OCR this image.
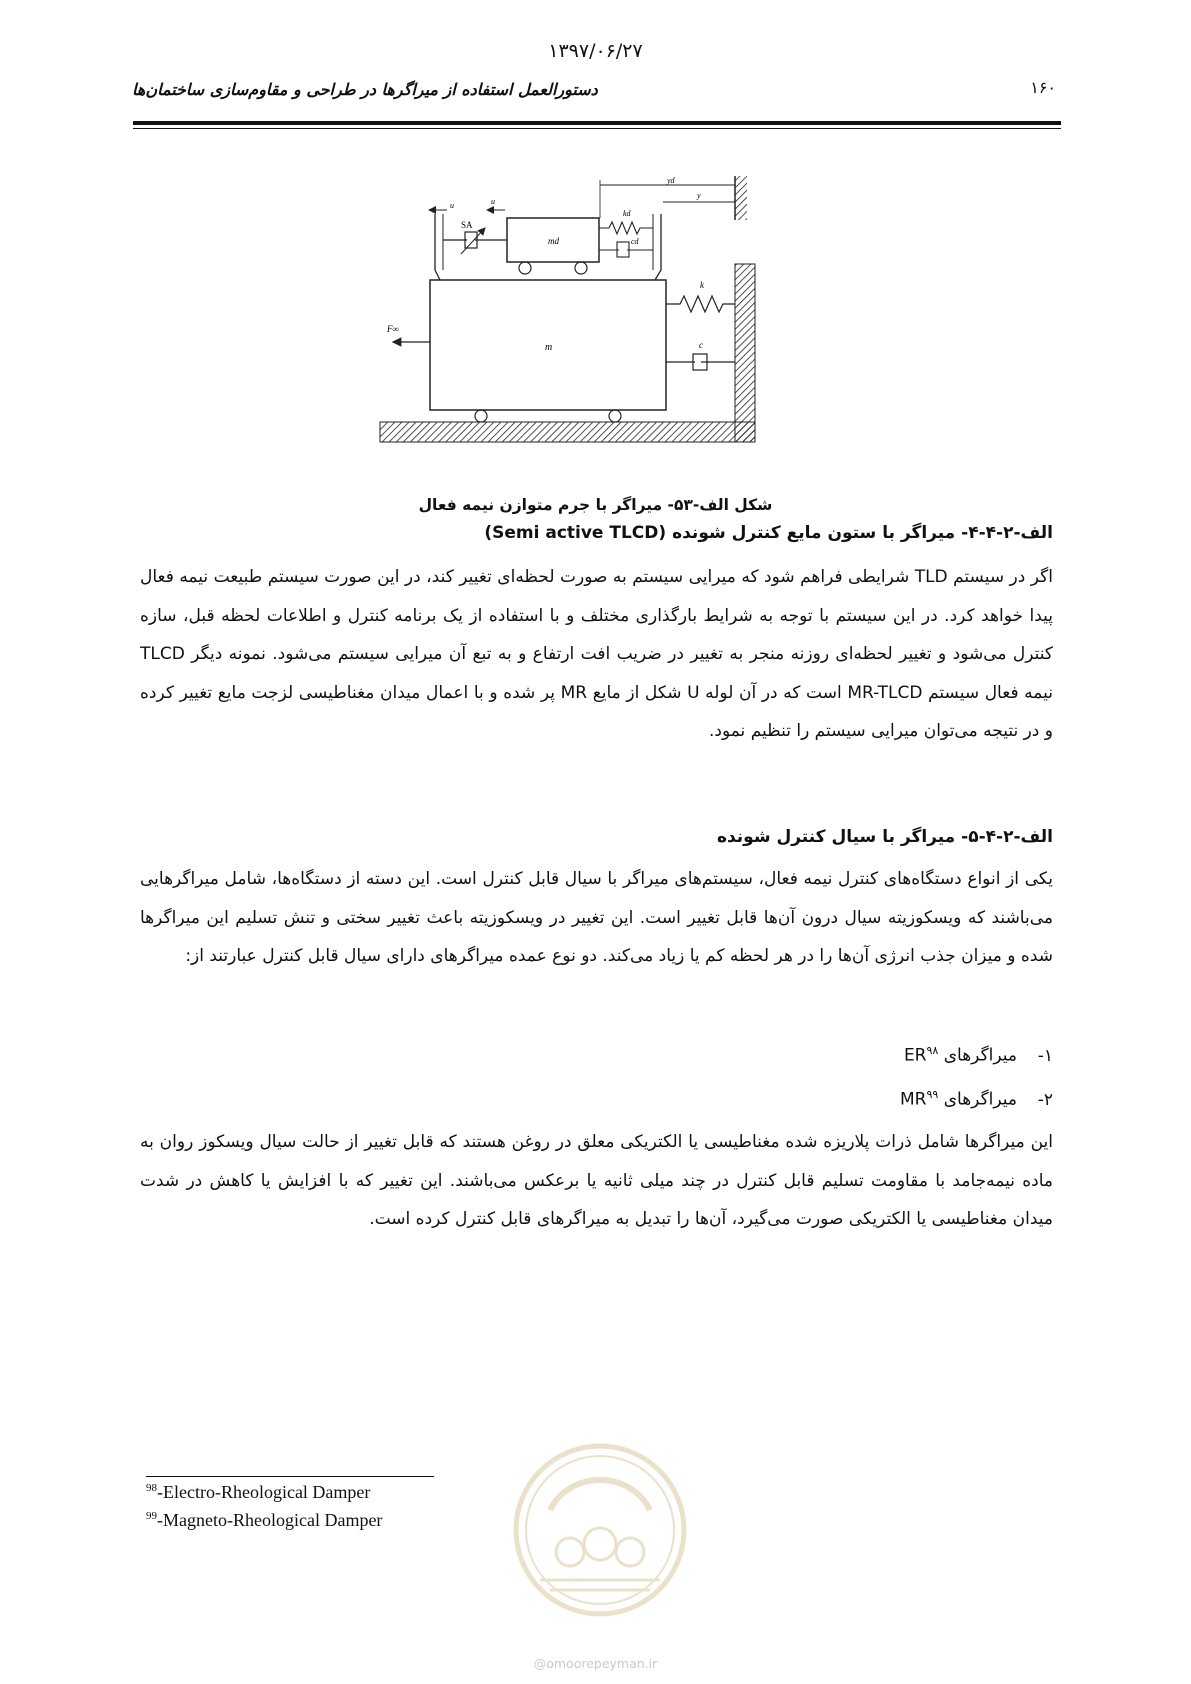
۱۳۹۷/۰۶/۲۷
دستورالعمل استفاده از میراگرها در طراحی و مقاوم‌سازی ساختمان‌ها	۱۶۰
m
F∞
k
c
md
SA
u	u
kd
cd
yd
y
شکل الف-۵۳- میراگر با جرم متوازن نیمه فعال
الف-۲-۴-۴- میراگر با ستون مایع کنترل شونده (Semi active TLCD)
اگر در سیستم TLD شرایطی فراهم شود که میرایی سیستم به صورت لحظه‌ای تغییر کند، در این صورت سیستم طبیعت نیمه فعال پیدا خواهد کرد. در این سیستم با توجه به شرایط بارگذاری مختلف و با استفاده از یک برنامه کنترل و اطلاعات لحظه قبل، سازه کنترل می‌شود و تغییر لحظه‌ای روزنه منجر به تغییر در ضریب افت ارتفاع و به تبع آن میرایی سیستم می‌شود. نمونه دیگر TLCD نیمه فعال سیستم MR-TLCD است که در آن لوله U شکل از مایع MR پر شده و با اعمال میدان مغناطیسی لزجت مایع تغییر کرده و در نتیجه می‌توان میرایی سیستم را تنظیم نمود.
الف-۲-۴-۵- میراگر با سیال کنترل شونده
یکی از انواع دستگاه‌های کنترل نیمه فعال، سیستم‌های میراگر با سیال قابل کنترل است. این دسته از دستگاه‌ها، شامل میراگرهایی می‌باشند که ویسکوزیته سیال درون آن‌ها قابل تغییر است. این تغییر در ویسکوزیته باعث تغییر سختی و تنش تسلیم این میراگرها شده و میزان جذب انرژی آن‌ها را در هر لحظه کم یا زیاد می‌کند. دو نوع عمده میراگرهای دارای سیال قابل کنترل عبارتند از:
۱-میراگرهای ER$^{۹۸}$
۲-میراگرهای MR$^{۹۹}$
این میراگرها شامل ذرات پلاریزه شده مغناطیسی یا الکتریکی معلق در روغن هستند که قابل تغییر از حالت سیال ویسکوز روان به ماده نیمه‌جامد با مقاومت تسلیم قابل کنترل در چند میلی ثانیه یا برعکس می‌باشند. این تغییر که با افزایش یا کاهش در شدت میدان مغناطیسی یا الکتریکی صورت می‌گیرد، آن‌ها را تبدیل به میراگرهای قابل کنترل کرده است.
$^{98}$-Electro-Rheological Damper
$^{99}$-Magneto-Rheological Damper
@omoorepeyman.ir
